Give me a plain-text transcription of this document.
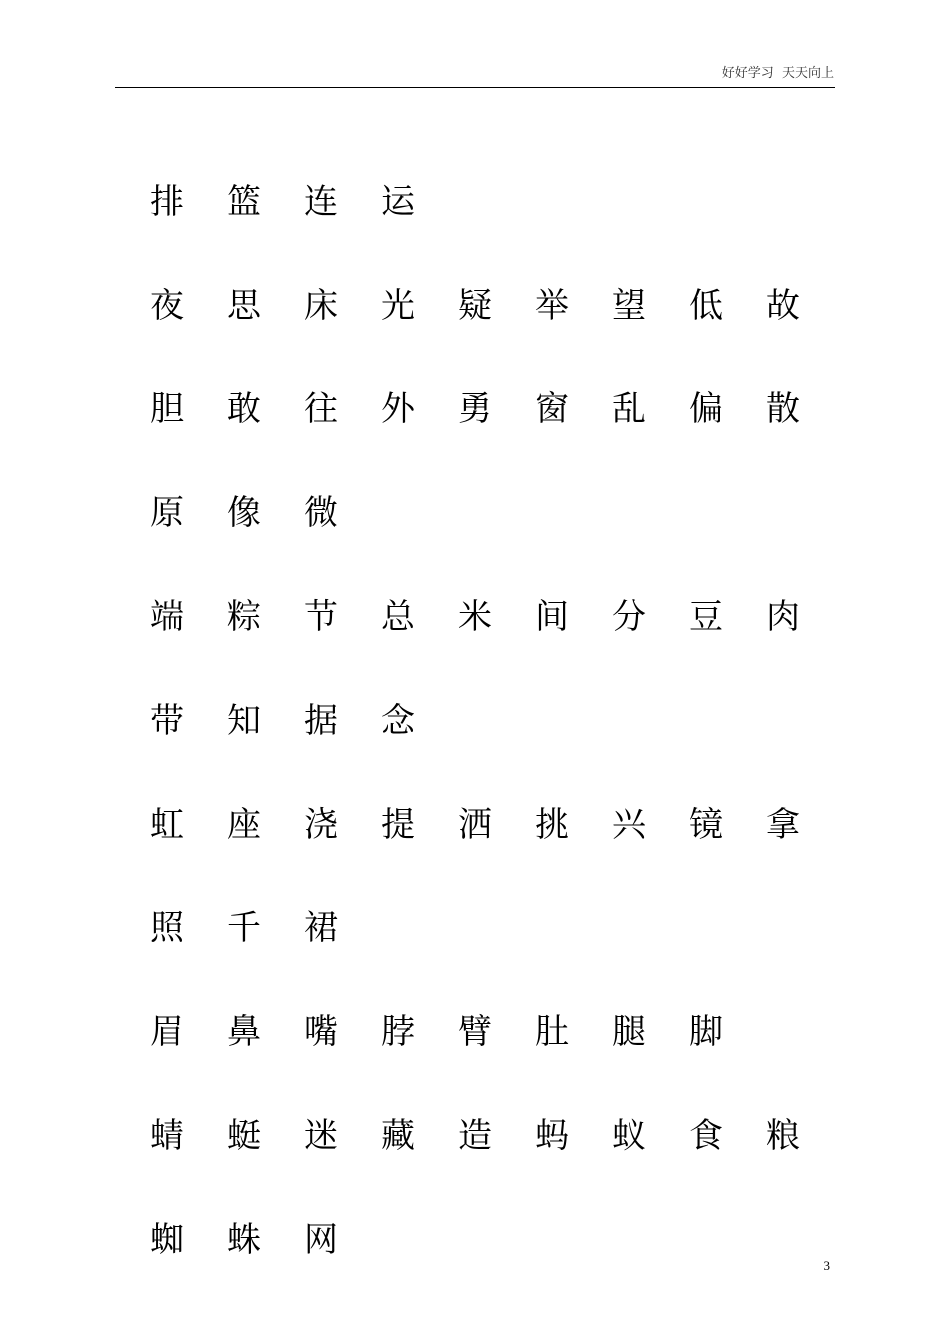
好好学习  天天向上
排	篮	连	运
夜	思	床	光	疑	举	望	低	故
胆	敢	往	外	勇	窗	乱	偏	散
原	像	微
端	粽	节	总	米	间	分	豆	肉
带	知	据	念
虹	座	浇	提	洒	挑	兴	镜	拿
照	千	裙
眉	鼻	嘴	脖	臂	肚	腿	脚
蜻	蜓	迷	藏	造	蚂	蚁	食	粮
蜘	蛛	网
3
